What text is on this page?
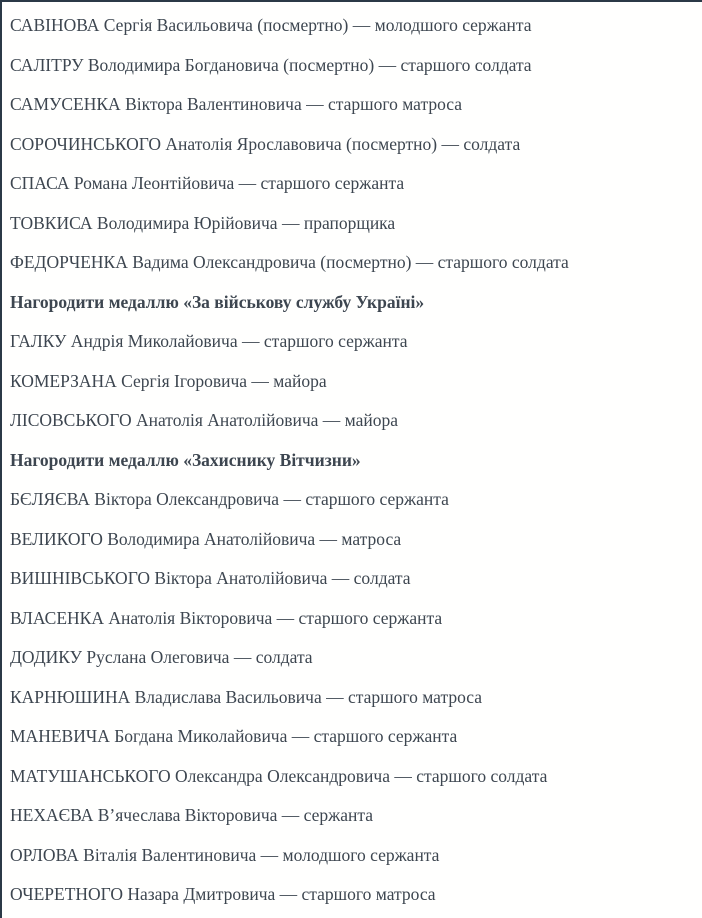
САВІНОВА Сергія Васильовича (посмертно) — молодшого сержанта

САЛІТРУ Володимира Богдановича (посмертно) — старшого солдата

САМУСЕНКА Віктора Валентиновича — старшого матроса

СОРОЧИНСЬКОГО Анатолія Ярославовича (посмертно) — солдата

СПАСА Романа Леонтійовича — старшого сержанта

ТОВКИСА Володимира Юрійовича — прапорщика

ФЕДОРЧЕНКА Вадима Олександровича (посмертно) — старшого солдата

Нагородити медаллю «За військову службу Україні»

ГАЛКУ Андрія Миколайовича — старшого сержанта

КОМЕРЗАНА Сергія Ігоровича — майора

ЛІСОВСЬКОГО Анатолія Анатолійовича — майора

Нагородити медаллю «Захиснику Вітчизни»

БЄЛЯЄВА Віктора Олександровича — старшого сержанта

ВЕЛИКОГО Володимира Анатолійовича — матроса

ВИШНІВСЬКОГО Віктора Анатолійовича — солдата

ВЛАСЕНКА Анатолія Вікторовича — старшого сержанта

ДОДИКУ Руслана Олеговича — солдата

КАРНЮШИНА Владислава Васильовича — старшого матроса

МАНЕВИЧА Богдана Миколайовича — старшого сержанта

МАТУШАНСЬКОГО Олександра Олександровича — старшого солдата

НЕХАЄВА В’ячеслава Вікторовича — сержанта

ОРЛОВА Віталія Валентиновича — молодшого сержанта

ОЧЕРЕТНОГО Назара Дмитровича — старшого матроса
